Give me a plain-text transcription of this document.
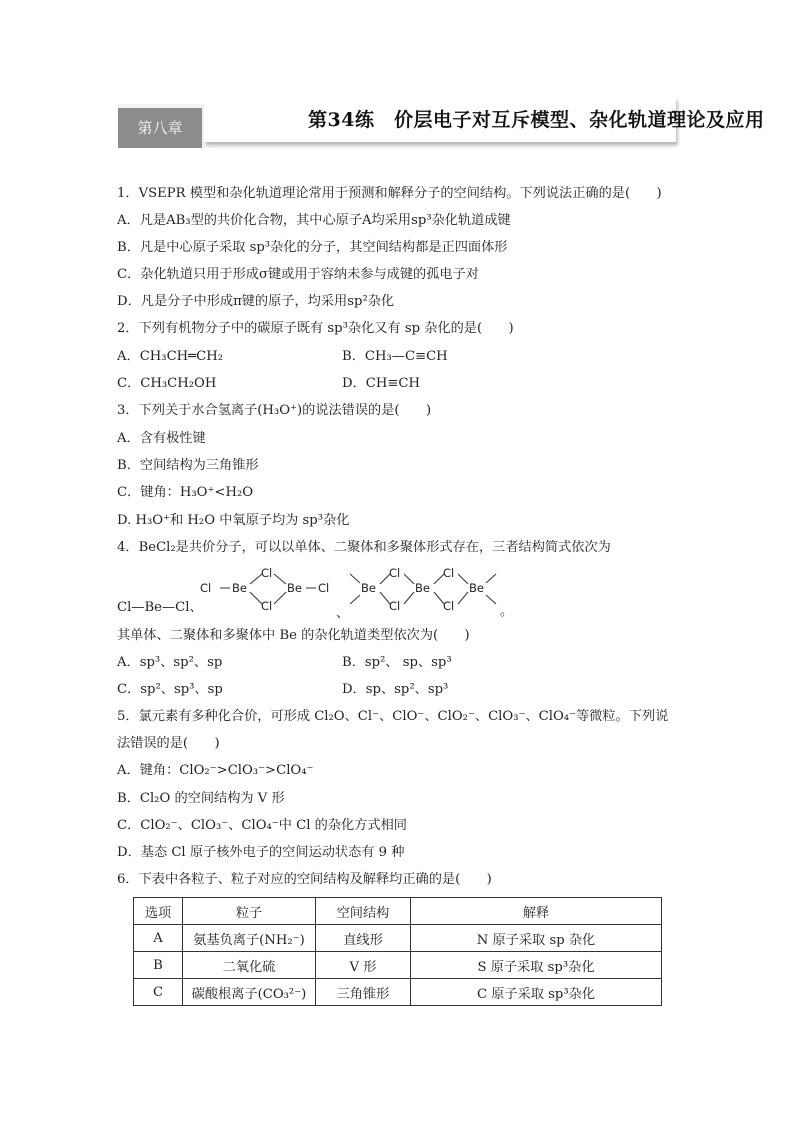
第八章	第34练　价层电子对互斥模型、杂化轨道理论及应用
1．VSEPR 模型和杂化轨道理论常用于预测和解释分子的空间结构。下列说法正确的是(　　)
A．凡是AB₃型的共价化合物，其中心原子A均采用sp³杂化轨道成键
B．凡是中心原子采取 sp³杂化的分子，其空间结构都是正四面体形
C．杂化轨道只用于形成σ键或用于容纳未参与成键的孤电子对
D．凡是分子中形成π键的原子，均采用sp²杂化
2．下列有机物分子中的碳原子既有 sp³杂化又有 sp 杂化的是(　　)
A．CH₃CH═CH₂	B．CH₃—C≡CH
C．CH₃CH₂OH	D．CH≡CH
3．下列关于水合氢离子(H₃O⁺)的说法错误的是(　　)
A．含有极性键
B．空间结构为三角锥形
C．键角：H₃O⁺<H₂O
D. H₃O⁺和 H₂O 中氧原子均为 sp³杂化
4．BeCl₂是共价分子，可以以单体、二聚体和多聚体形式存在，三者结构简式依次为
Cl—Be—Cl、
Cl Be
Cl
Cl
Be Cl
、
Be
Cl
Cl
Be
Cl
Cl
Be
。
其单体、二聚体和多聚体中 Be 的杂化轨道类型依次为(　　)
A．sp³、sp²、sp	B．sp²、 sp、sp³
C．sp²、sp³、sp	D．sp、sp²、sp³
5．氯元素有多种化合价，可形成 Cl₂O、Cl⁻、ClO⁻、ClO₂⁻、ClO₃⁻、ClO₄⁻等微粒。下列说
法错误的是(　　)
A．键角：ClO₂⁻>ClO₃⁻>ClO₄⁻
B．Cl₂O 的空间结构为 V 形
C．ClO₂⁻、ClO₃⁻、ClO₄⁻中 Cl 的杂化方式相同
D．基态 Cl 原子核外电子的空间运动状态有 9 种
6．下表中各粒子、粒子对应的空间结构及解释均正确的是(　　)
选项	粒子	空间结构	解释
A	氨基负离子(NH₂⁻)	直线形	N 原子采取 sp 杂化
B	二氧化硫	V 形	S 原子采取 sp³杂化
C	碳酸根离子(CO₃²⁻)	三角锥形	C 原子采取 sp³杂化
